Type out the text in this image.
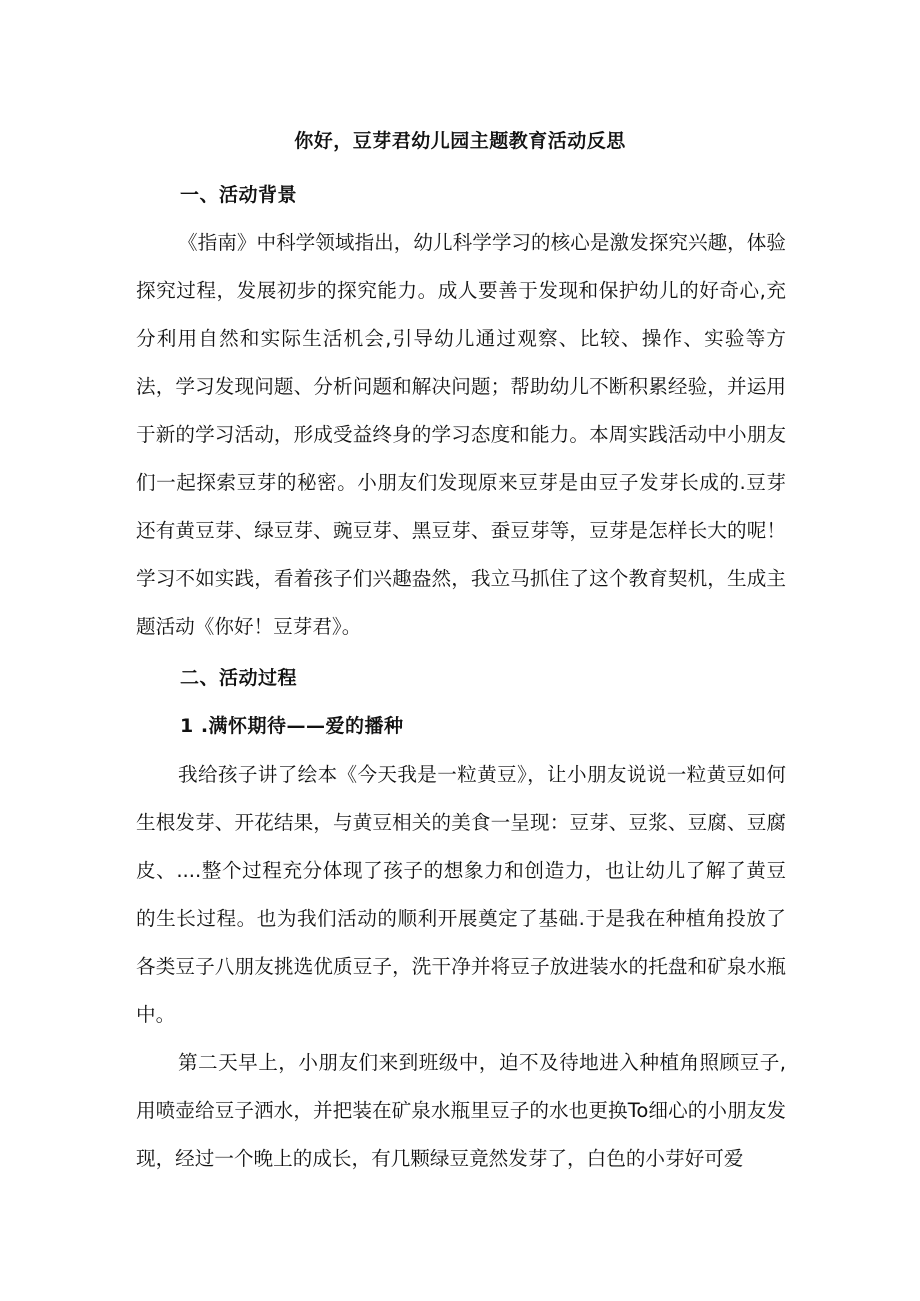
你好，豆芽君幼儿园主题教育活动反思
一、活动背景

《指南》中科学领域指出，幼儿科学学习的核心是激发探究兴趣，体验探究过程，发展初步的探究能力。成人要善于发现和保护幼儿的好奇心,充分利用自然和实际生活机会,引导幼儿通过观察、比较、操作、实验等方法，学习发现问题、分析问题和解决问题；帮助幼儿不断积累经验，并运用于新的学习活动，形成受益终身的学习态度和能力。本周实践活动中小朋友们一起探索豆芽的秘密。小朋友们发现原来豆芽是由豆子发芽长成的.豆芽还有黄豆芽、绿豆芽、豌豆芽、黑豆芽、蚕豆芽等，豆芽是怎样长大的呢！学习不如实践，看着孩子们兴趣盎然，我立马抓住了这个教育契机，生成主题活动《你好！豆芽君》。

二、活动过程
1 .满怀期待——爱的播种

我给孩子讲了绘本《今天我是一粒黄豆》，让小朋友说说一粒黄豆如何生根发芽、开花结果，与黄豆相关的美食一呈现：豆芽、豆浆、豆腐、豆腐皮、....整个过程充分体现了孩子的想象力和创造力，也让幼儿了解了黄豆的生长过程。也为我们活动的顺利开展奠定了基础.于是我在种植角投放了各类豆子八朋友挑选优质豆子，洗干净并将豆子放进装水的托盘和矿泉水瓶中。

第二天早上，小朋友们来到班级中，迫不及待地进入种植角照顾豆子,用喷壶给豆子洒水，并把装在矿泉水瓶里豆子的水也更换To细心的小朋友发现，经过一个晚上的成长，有几颗绿豆竟然发芽了，白色的小芽好可爱
